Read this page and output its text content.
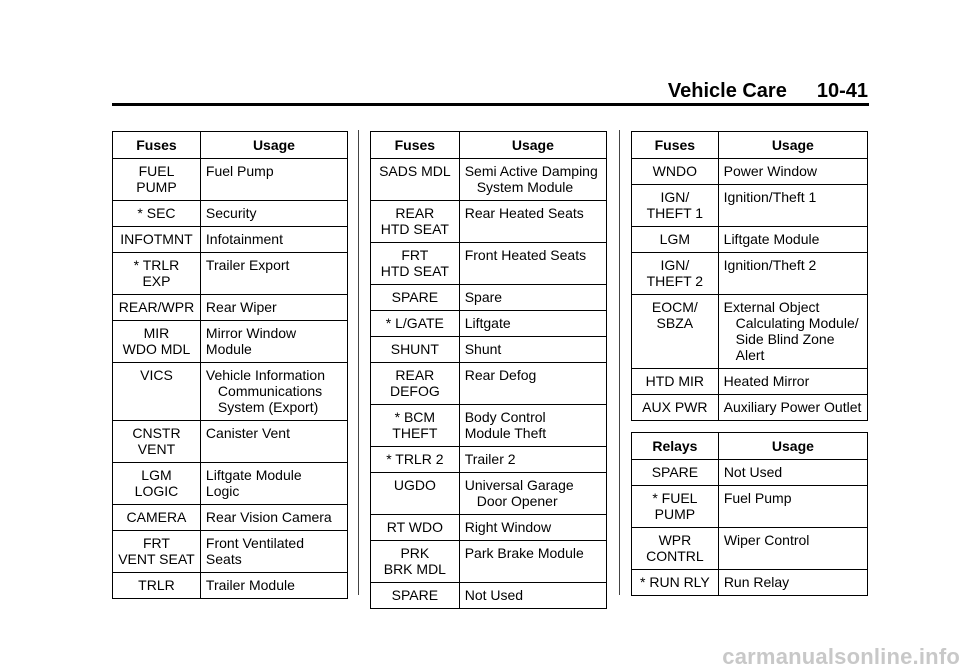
Vehicle Care 10-41
Fuses	Usage
FUEL
PUMP	Fuel Pump

* SEC	Security

INFOTMNT	Infotainment

* TRLR EXP	Trailer Export

REAR/WPR	Rear Wiper

MIR
WDO MDL	Mirror Window
Module
VICS	Vehicle Information Communications System (Export)

CNSTR
VENT	Canister Vent

LGM
LOGIC	Liftgate Module
Logic
CAMERA	Rear Vision Camera

FRT
VENT SEAT	Front Ventilated
Seats
TRLR	Trailer Module
Fuses	Usage
SADS MDL	Semi Active Damping System Module

REAR
HTD SEAT	Rear Heated Seats

FRT
HTD SEAT	Front Heated Seats

SPARE	Spare

* L/GATE	Liftgate

SHUNT	Shunt

REAR
DEFOG	Rear Defog

* BCM
THEFT	Body Control
Module Theft
* TRLR 2	Trailer 2

UGDO	Universal Garage Door Opener

RT WDO	Right Window

PRK
BRK MDL	Park Brake Module

SPARE	Not Used
Fuses	Usage
WNDO	Power Window

IGN/
THEFT 1	Ignition/Theft 1

LGM	Liftgate Module

IGN/
THEFT 2	Ignition/Theft 2

EOCM/
SBZA	External Object Calculating Module/ Side Blind Zone Alert

HTD MIR	Heated Mirror

AUX PWR	Auxiliary Power Outlet
Relays	Usage
SPARE	Not Used

* FUEL
PUMP	Fuel Pump

WPR
CONTRL	Wiper Control

* RUN RLY	Run Relay
carmanualsonline.info
